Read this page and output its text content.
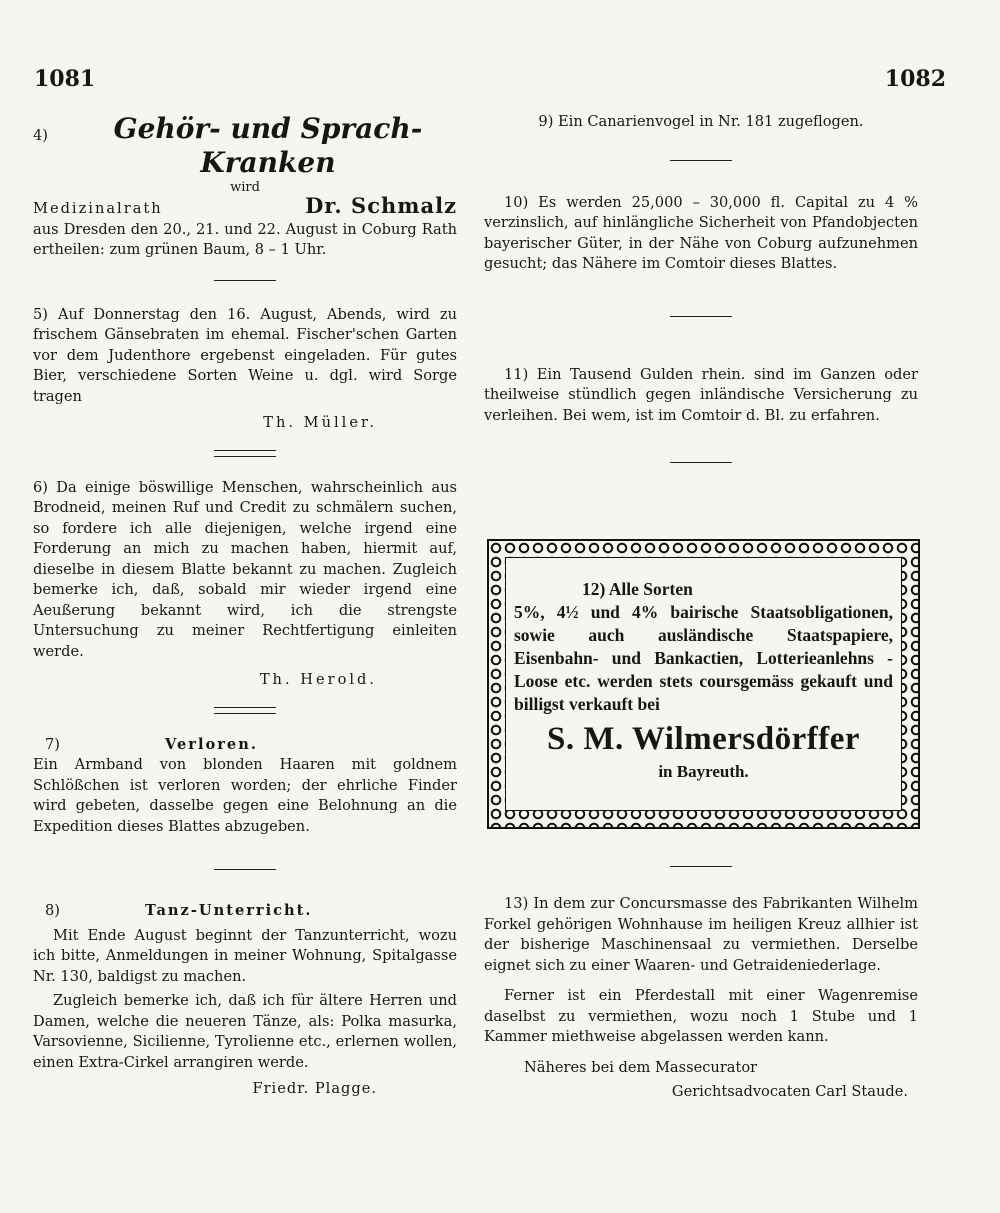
1081	1082
4)	Gehör- und Sprach-
Kranken
wird
Medizinalrath	Dr. Schmalz

aus Dresden den 20., 21. und 22. August in Coburg Rath ertheilen: zum grünen Baum, 8 – 1 Uhr.

5) Auf Donnerstag den 16. August, Abends, wird zu frischem Gänsebraten im ehemal. Fischer'schen Garten vor dem Judenthore ergebenst eingeladen. Für gutes Bier, verschiedene Sorten Weine u. dgl. wird Sorge tragen

Th. Müller.

6) Da einige böswillige Menschen, wahrscheinlich aus Brodneid, meinen Ruf und Credit zu schmälern suchen, so fordere ich alle diejenigen, welche irgend eine Forderung an mich zu machen haben, hiermit auf, dieselbe in diesem Blatte bekannt zu machen. Zugleich bemerke ich, daß, sobald mir wieder irgend eine Aeußerung bekannt wird, ich die strengste Untersuchung zu meiner Rechtfertigung einleiten werde.

Th. Herold.
7)	Verloren.

Ein Armband von blonden Haaren mit goldnem Schlößchen ist verloren worden; der ehrliche Finder wird gebeten, dasselbe gegen eine Belohnung an die Expedition dieses Blattes abzugeben.

8)	Tanz-Unterricht.

Mit Ende August beginnt der Tanzunterricht, wozu ich bitte, Anmeldungen in meiner Wohnung, Spitalgasse Nr. 130, baldigst zu machen.

Zugleich bemerke ich, daß ich für ältere Herren und Damen, welche die neueren Tänze, als: Polka masurka, Varsovienne, Sicilienne, Tyrolienne etc., erlernen wollen, einen Extra-Cirkel arrangiren werde.

Friedr. Plagge.

9) Ein Canarienvogel in Nr. 181 zugeflogen.

10) Es werden 25,000 – 30,000 fl. Capital zu 4 % verzinslich, auf hinlängliche Sicherheit von Pfandobjecten bayerischer Güter, in der Nähe von Coburg aufzunehmen gesucht; das Nähere im Comtoir dieses Blattes.

11) Ein Tausend Gulden rhein. sind im Ganzen oder theilweise stündlich gegen inländische Versicherung zu verleihen. Bei wem, ist im Comtoir d. Bl. zu erfahren.

12) Alle Sorten
5%, 4½ und 4% bairische Staatsobligationen, sowie auch ausländische Staatspapiere, Eisenbahn- und Bankactien, Lotterieanlehns - Loose etc. werden stets coursgemäss gekauft und billigst verkauft bei
S. M. Wilmersdörffer
in Bayreuth.

13) In dem zur Concursmasse des Fabrikanten Wilhelm Forkel gehörigen Wohnhause im heiligen Kreuz allhier ist der bisherige Maschinensaal zu vermiethen. Derselbe eignet sich zu einer Waaren- und Getraideniederlage.

Ferner ist ein Pferdestall mit einer Wagenremise daselbst zu vermiethen, wozu noch 1 Stube und 1 Kammer miethweise abgelassen werden kann.

Näheres bei dem Massecurator

Gerichtsadvocaten Carl Staude.
